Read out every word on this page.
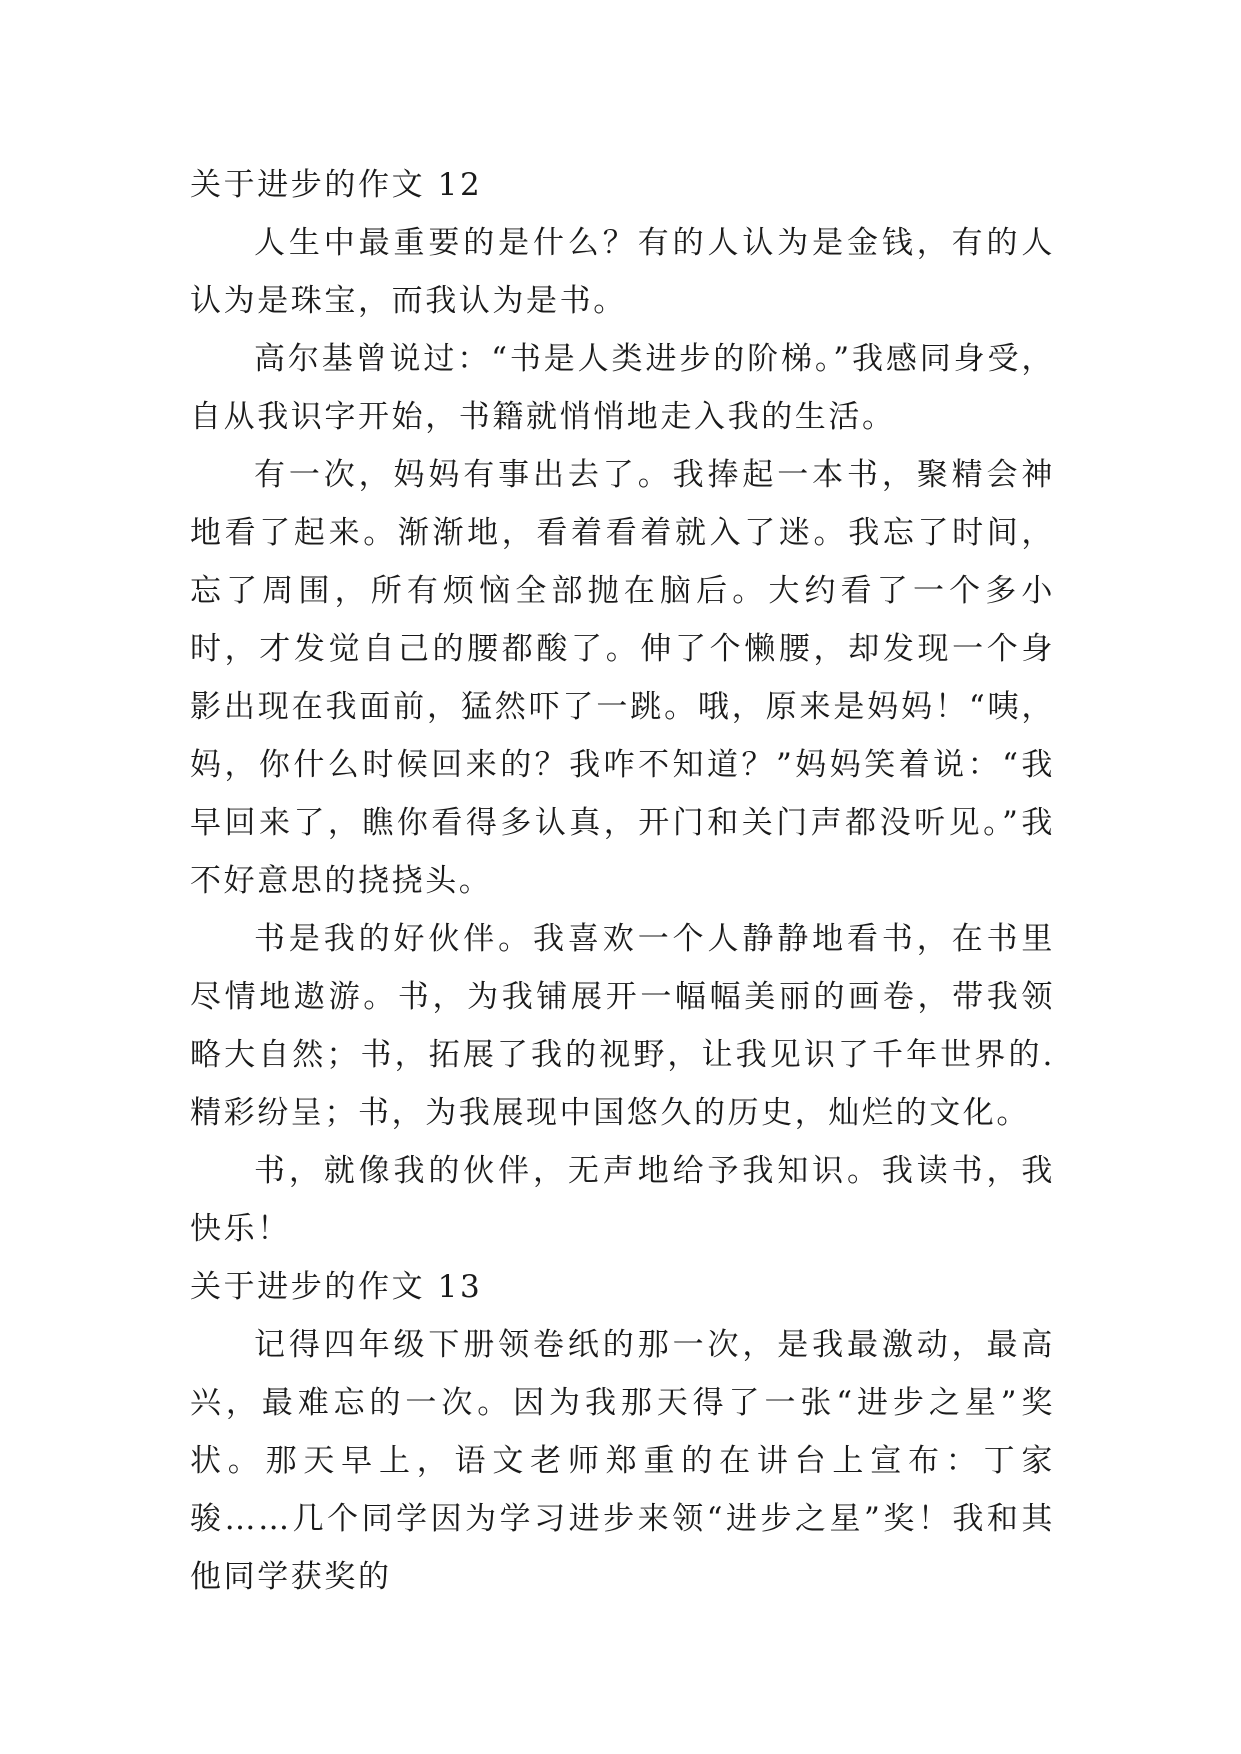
关于进步的作文 12

人生中最重要的是什么？有的人认为是金钱，有的人认为是珠宝，而我认为是书。

高尔基曾说过：“书是人类进步的阶梯。”我感同身受，自从我识字开始，书籍就悄悄地走入我的生活。

有一次，妈妈有事出去了。我捧起一本书，聚精会神地看了起来。渐渐地，看着看着就入了迷。我忘了时间，忘了周围，所有烦恼全部抛在脑后。大约看了一个多小时，才发觉自己的腰都酸了。伸了个懒腰，却发现一个身影出现在我面前，猛然吓了一跳。哦，原来是妈妈！“咦，妈，你什么时候回来的？我咋不知道？”妈妈笑着说：“我早回来了，瞧你看得多认真，开门和关门声都没听见。”我不好意思的挠挠头。

书是我的好伙伴。我喜欢一个人静静地看书，在书里尽情地遨游。书，为我铺展开一幅幅美丽的画卷，带我领略大自然；书，拓展了我的视野，让我见识了千年世界的.精彩纷呈；书，为我展现中国悠久的历史，灿烂的文化。

书，就像我的伙伴，无声地给予我知识。我读书，我快乐！

关于进步的作文 13

记得四年级下册领卷纸的那一次，是我最激动，最高兴，最难忘的一次。因为我那天得了一张“进步之星”奖状。那天早上，语文老师郑重的在讲台上宣布：丁家骏……几个同学因为学习进步来领“进步之星”奖！我和其他同学获奖的
